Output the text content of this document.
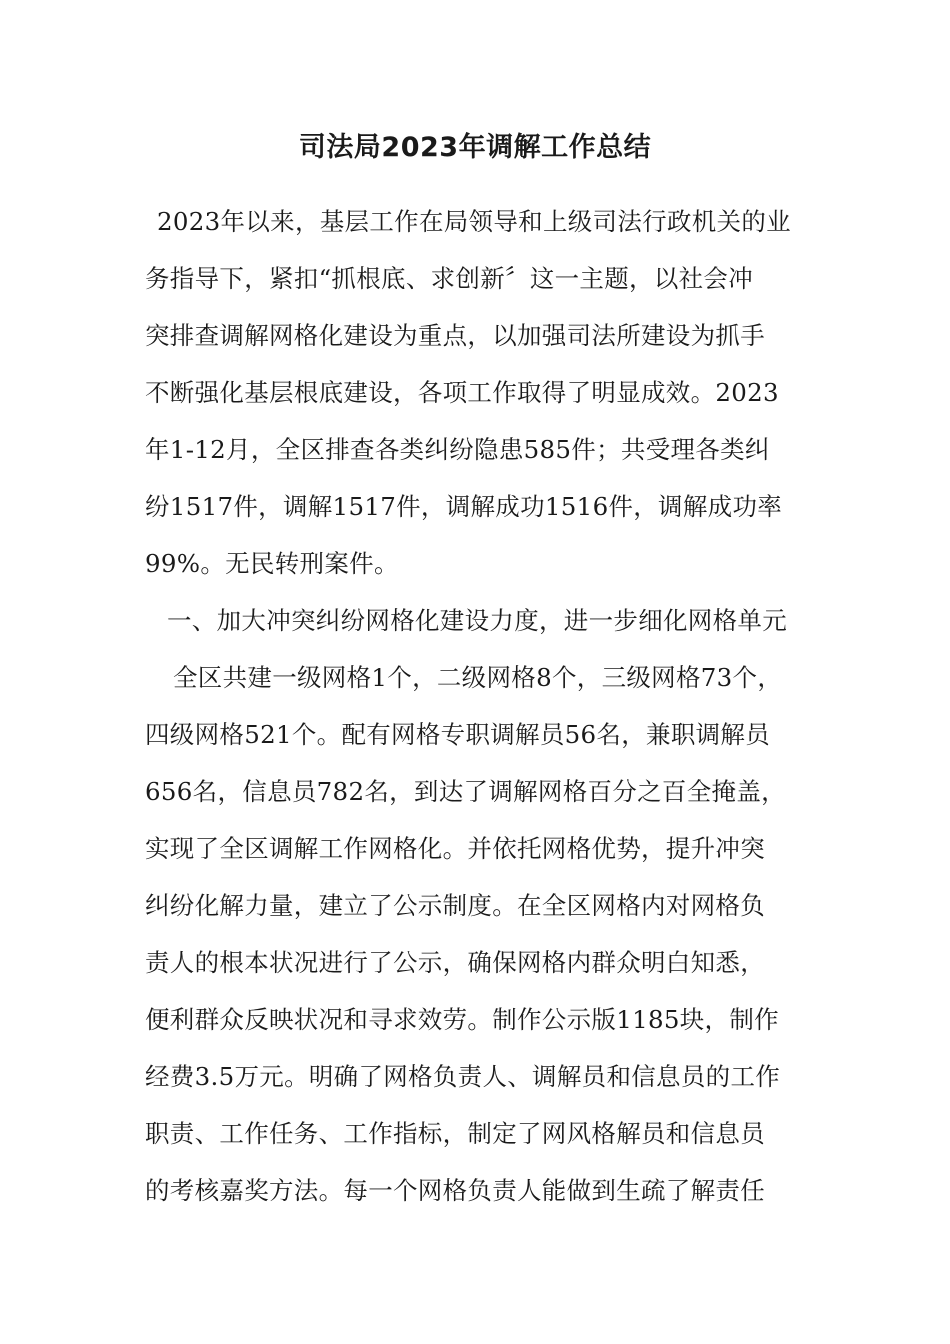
司法局2023年调解工作总结
2023年以来，基层工作在局领导和上级司法行政机关的业
务指导下，紧扣“抓根底、求创新〞这一主题，以社会冲
突排查调解网格化建设为重点，以加强司法所建设为抓手
不断强化基层根底建设，各项工作取得了明显成效。2023
年1-12月，全区排查各类纠纷隐患585件；共受理各类纠
纷1517件，调解1517件，调解成功1516件，调解成功率
99%。无民转刑案件。
一、加大冲突纠纷网格化建设力度，进一步细化网格单元
全区共建一级网格1个，二级网格8个，三级网格73个，
四级网格521个。配有网格专职调解员56名，兼职调解员
656名，信息员782名，到达了调解网格百分之百全掩盖，
实现了全区调解工作网格化。并依托网格优势，提升冲突
纠纷化解力量，建立了公示制度。在全区网格内对网格负
责人的根本状况进行了公示，确保网格内群众明白知悉，
便利群众反映状况和寻求效劳。制作公示版1185块，制作
经费3.5万元。明确了网格负责人、调解员和信息员的工作
职责、工作任务、工作指标，制定了网风格解员和信息员
的考核嘉奖方法。每一个网格负责人能做到生疏了解责任
